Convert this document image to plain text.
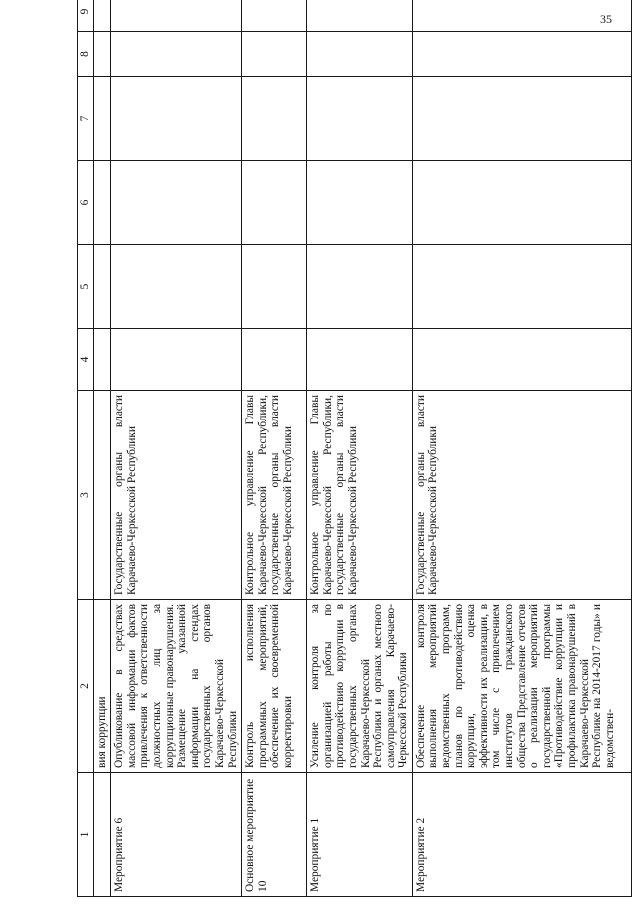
35
1	2	3	4	5	6	7	8	9
	вия коррупции							
Мероприятие 6	Опубликование в средствах массовой информации фактов привлечения к ответственности должностных лиц за коррупционные правонарушения. Размещение указанной информации на стендах государственных органов Карачаево-Черкесской Республики	Государственные органы власти Карачаево-Черкесской Республики						
Основное мероприятие 10	Контроль исполнения программных мероприятий, обеспечение их своевременной корректировки	Контрольное управление Главы Карачаево-Черкесской Республики, государственные органы власти Карачаево-Черкесской Республики						
Мероприятие 1	Усиление контроля за организацией работы по противодействию коррупции в государственных органах Карачаево-Черкесской Республики и органах местного самоуправления Карачаево-Черкесской Республики	Контрольное управление Главы Карачаево-Черкесской Республики, государственные органы власти Карачаево-Черкесской Республики						
Мероприятие 2	Обеспечение контроля выполнения мероприятий ведомственных программ, планов по противодействию коррупции, оценка эффективности их реализации, в том числе с привлечением институтов гражданского общества Представление отчетов о реализации мероприятий государственной программы «Противодействие коррупции и профилактика правонарушений в Карачаево-Черкесской Республике на 2014-2017 годы» и ведомствен-	Государственные органы власти Карачаево-Черкесской Республики						
